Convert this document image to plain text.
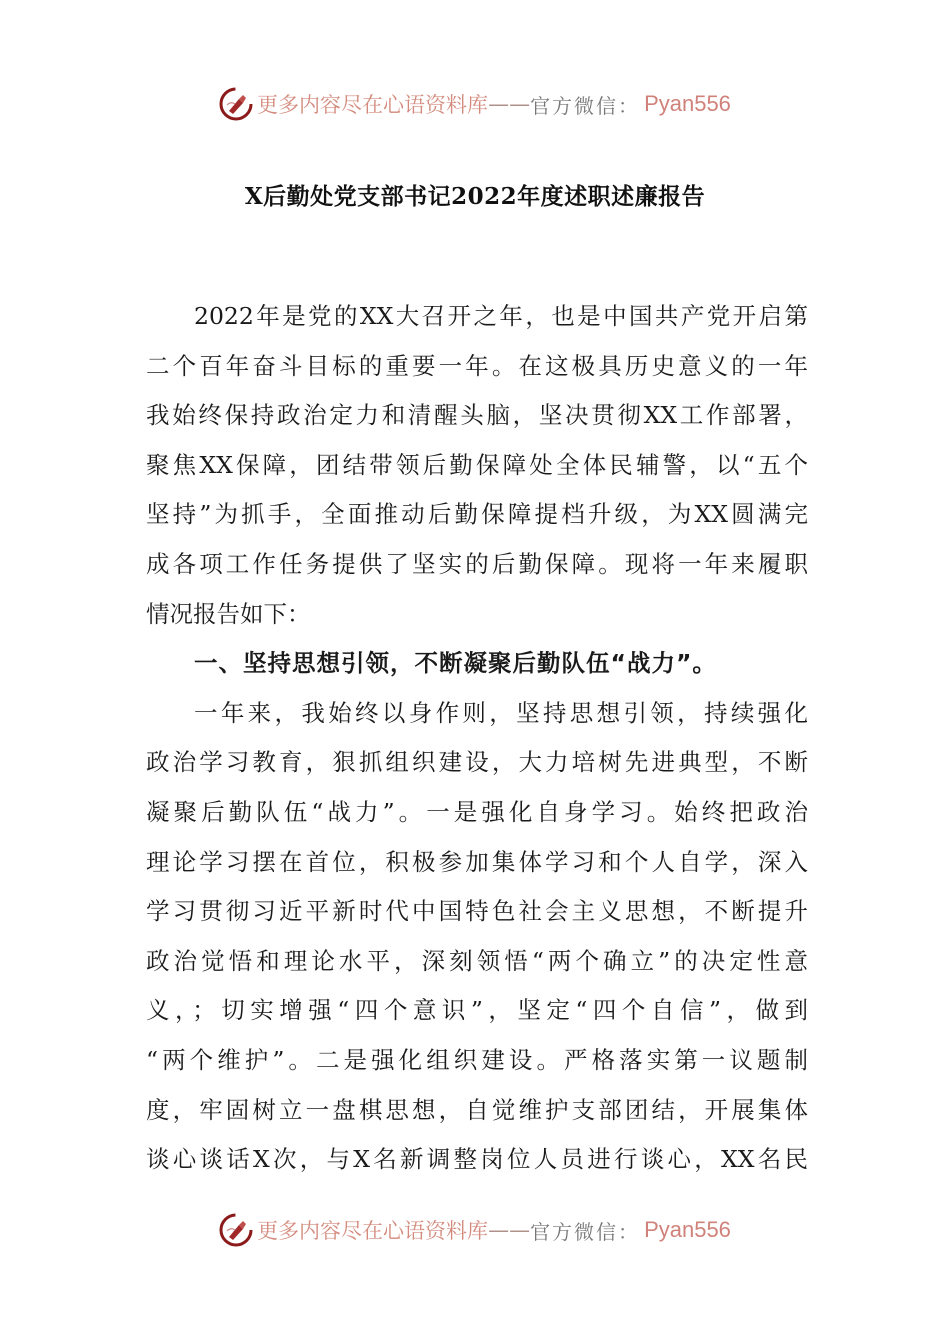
更多内容尽在心语资料库 —— 官方微信： Pyan556
X后勤处党支部书记2022年度述职述廉报告
2022年是党的XX大召开之年，也是中国共产党开启第
二个百年奋斗目标的重要一年。在这极具历史意义的一年
我始终保持政治定力和清醒头脑，坚决贯彻XX工作部署，
聚焦XX保障，团结带领后勤保障处全体民辅警，以“五个
坚持”为抓手，全面推动后勤保障提档升级，为XX圆满完
成各项工作任务提供了坚实的后勤保障。现将一年来履职
情况报告如下：
一、坚持思想引领，不断凝聚后勤队伍“战力”。
一年来，我始终以身作则，坚持思想引领，持续强化
政治学习教育，狠抓组织建设，大力培树先进典型，不断
凝聚后勤队伍“战力”。一是强化自身学习。始终把政治
理论学习摆在首位，积极参加集体学习和个人自学，深入
学习贯彻习近平新时代中国特色社会主义思想，不断提升
政治觉悟和理论水平，深刻领悟“两个确立”的决定性意
义，；切实增强“四个意识”，坚定“四个自信”，做到
“两个维护”。二是强化组织建设。严格落实第一议题制
度，牢固树立一盘棋思想，自觉维护支部团结，开展集体
谈心谈话X次，与X名新调整岗位人员进行谈心，XX名民
更多内容尽在心语资料库 —— 官方微信： Pyan556
